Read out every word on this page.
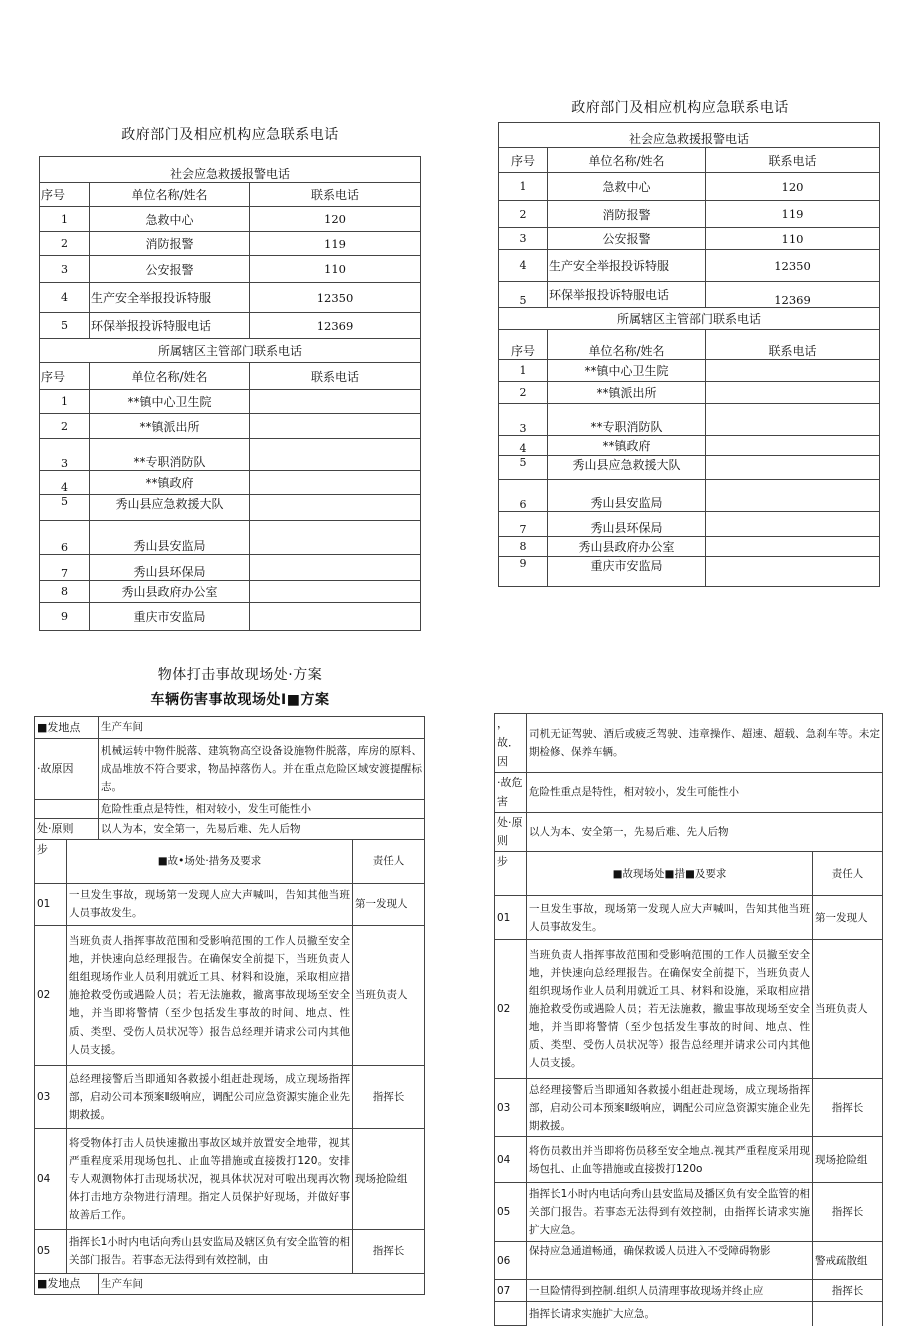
政府部门及相应机构应急联系电话
社会应急救援报警电话		
序号	单位名称/姓名	联系电话
1	急救中心	120
2	消防报警	119
3	公安报警	110
4	生产安全举报投诉特服	12350
5	环保举报投诉特服电话	12369
所属辖区主管部门联系电话		
序号	单位名称/姓名	联系电话
1	**镇中心卫生院	
2	**镇派出所	
3	**专职消防队	
4	**镇政府	
5	秀山县应急救援大队	
6	秀山县安监局	
7	秀山县环保局	
8	秀山县政府办公室	
9	重庆市安监局	
政府部门及相应机构应急联系电话
社会应急救援报警电话		
序号	单位名称/姓名	联系电话
1	急救中心	120
2	消防报警	119
3	公安报警	110
4	生产安全举报投诉特服	12350
5	环保举报投诉特服电话	12369
所属辖区主管部门联系电话		
序号	单位名称/姓名	联系电话
1	**镇中心卫生院	
2	**镇派出所	
3	**专职消防队	
4	**镇政府	
5	秀山县应急救援大队	
6	秀山县安监局	
7	秀山县环保局	
8	秀山县政府办公室	
9	重庆市安监局	
物体打击事故现场处·方案
车辆伤害事故现场处Ⅰ■方案
■发地点		生产车间	
·故原因		机械运转中物件脱落、建筑物高空设备设施物件脱落，库房的原料、成品堆放不符合要求，物品掉落伤人。并在重点危险区域安渡提醒标志。	
		危险性重点是特性，相对较小，发生可能性小	
处·原则		以人为本，安全第一，先易后难、先人后物	
步	■故•场处·措务及要求		责任人
01	一旦发生事故，现场第一发现人应大声喊叫，告知其他当班人员事故发生。		第一发现人
02	当班负责人指挥事故范围和受影响范围的工作人员撤至安全地，并快速向总经理报告。在确保安全前提下，当班负责人组组现场作业人员利用就近工具、材料和设施，采取相应措施抢救受伤或遇险人员；若无法施救，撤离事故现场至安全地，并当即将警情（至少包括发生事故的时间、地点、性质、类型、受伤人员状况等）报告总经理并请求公司内其他人员支援。		当班负责人
03	总经理接警后当即通知各救援小组赶赴现场，成立现场指挥部，启动公司本预案Ⅱ级响应，调配公司应急资源实施企业先期救援。		指挥长
04	将受物体打击人员快速撤出事故区域并放置安全地带，视其严重程度采用现场包扎、止血等措施或直接拨打120。安排专人观测物体打击现场状况，视具体状况对可啦出现再次物体打击地方杂物进行清理。指定人员保护好现场，并做好事故善后工作。		现场抢险组
05	指挥长1小时内电话向秀山县安监局及辖区负有安全监管的相关部门报告。若事态无法得到有效控制，由		指挥长
■发地点		生产车间	
，故．因	司机无证驾驶、酒后或疲乏驾驶、违章操作、超速、超载、急刹车等。未定期检修、保养车辆。	
·故危害	危险性重点是特性，相对较小，发生可能性小	
处·原则	以人为本、安全第一，先易后难、先人后物	
步	■故现场处■措■及要求	责任人
01	一旦发生事故，现场第一发现人应大声喊叫，告知其他当班人员事故发生。	第一发现人
02	当班负责人指挥事故范围和受影响范围的工作人员撤至安全地，并快速向总经理报告。在确保安全前提下，当班负责人组织现场作业人员利用就近工具、材料和设施，采取相应措施抢救受伤或遇险人员；若无法施救，撤盅事故现场至安全地，并当即将警情（至少包括发生事故的时间、地点、性质、类型、受伤人员状况等）报告总经理并请求公司内其他人员支援。	当班负责人
03	总经理接警后当即通知各救援小组赶赴现场，成立现场指挥部，启动公司本预案Ⅱ级响应，调配公司应急资源实施企业先期救援。	指挥长
04	将伤员救出并当即将伤员移至安全地点.视其严重程度采用现场包扎、止血等措施或直接拨打120o	现场抢险组
05	指挥长1小时内电话向秀山县安监局及播区负有安全监管的相关部门报告。若事态无法得到有效控制，由指挥长请求实施扩大应急。	指挥长
06	保持应急通道畅通，确保救谖人员进入不受障碍物影	警戒疏散组
07	一旦险情得到控制.组织人员清理事故现场并终止应	指挥长
	指挥长请求实施扩大应急。	
